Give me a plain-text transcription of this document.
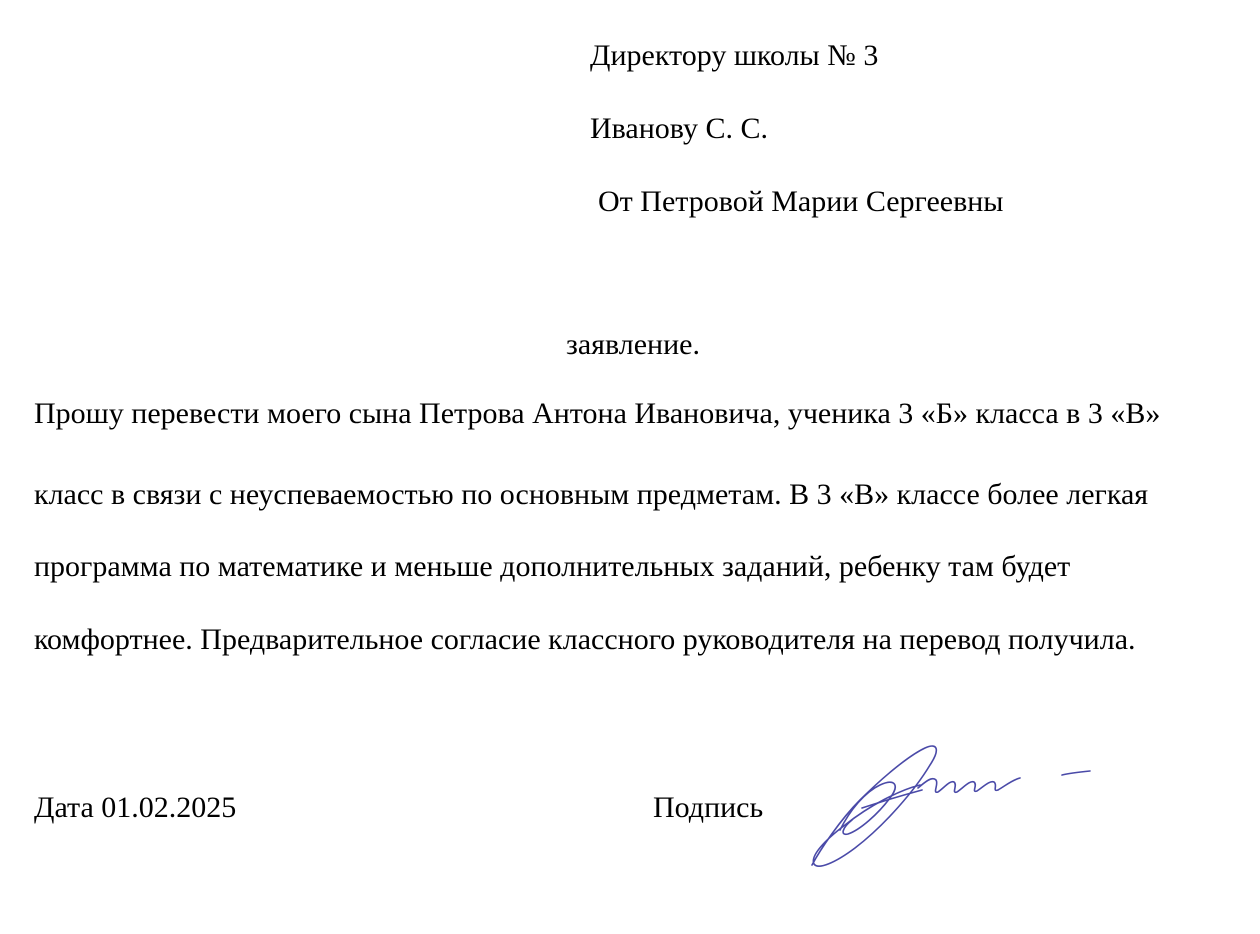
Директору школы № 3
Иванову С. С.
От Петровой Марии Сергеевны
заявление.
Прошу перевести моего сына Петрова Антона Ивановича, ученика 3 «Б» класса в 3 «В»
класс в связи с неуспеваемостью по основным предметам. В 3 «В» классе более легкая
программа по математике и меньше дополнительных заданий, ребенку там будет
комфортнее. Предварительное согласие классного руководителя на перевод получила.
Дата 01.02.2025	Подпись
